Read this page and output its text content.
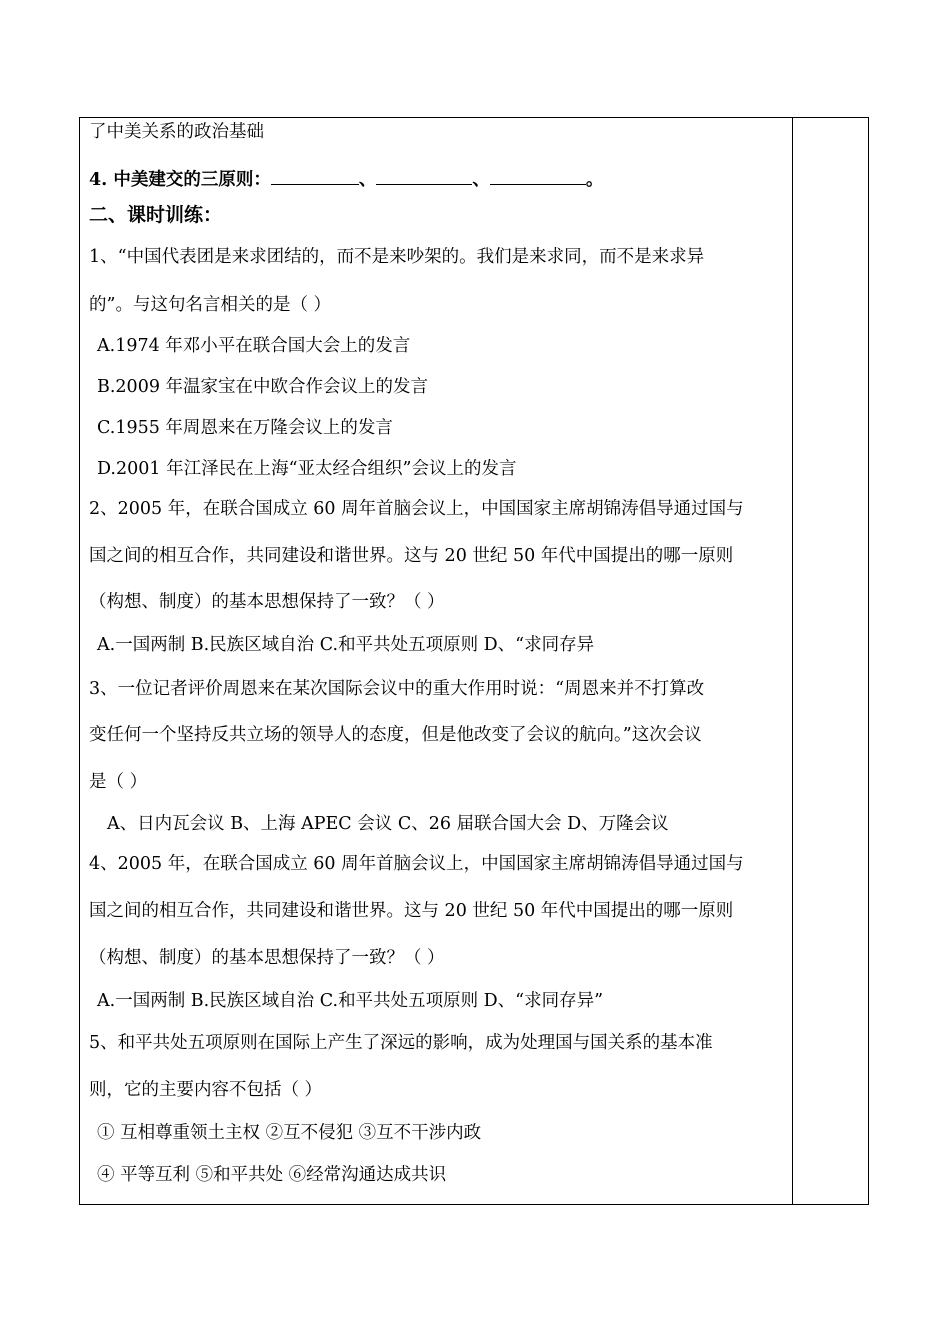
了中美关系的政治基础
4. 中美建交的三原则：	、	、	。
二、课时训练：
1、“中国代表团是来求团结的，而不是来吵架的。我们是来求同，而不是来求异
的”。与这句名言相关的是（ ）
A.1974 年邓小平在联合国大会上的发言
B.2009 年温家宝在中欧合作会议上的发言
C.1955 年周恩来在万隆会议上的发言
D.2001 年江泽民在上海“亚太经合组织”会议上的发言
2、2005 年，在联合国成立 60 周年首脑会议上，中国国家主席胡锦涛倡导通过国与
国之间的相互合作，共同建设和谐世界。这与 20 世纪 50 年代中国提出的哪一原则
（构想、制度）的基本思想保持了一致？（ ）
A.一国两制 B.民族区域自治 C.和平共处五项原则 D、“求同存异
3、一位记者评价周恩来在某次国际会议中的重大作用时说：“周恩来并不打算改
变任何一个坚持反共立场的领导人的态度，但是他改变了会议的航向。”这次会议
是（ ）
A、日内瓦会议 B、上海 APEC 会议 C、26 届联合国大会 D、万隆会议
4、2005 年，在联合国成立 60 周年首脑会议上，中国国家主席胡锦涛倡导通过国与
国之间的相互合作，共同建设和谐世界。这与 20 世纪 50 年代中国提出的哪一原则
（构想、制度）的基本思想保持了一致？（ ）
A.一国两制 B.民族区域自治 C.和平共处五项原则 D、“求同存异”
5、和平共处五项原则在国际上产生了深远的影响，成为处理国与国关系的基本准
则，它的主要内容不包括（ ）
① 互相尊重领土主权 ②互不侵犯 ③互不干涉内政
④ 平等互利 ⑤和平共处 ⑥经常沟通达成共识
